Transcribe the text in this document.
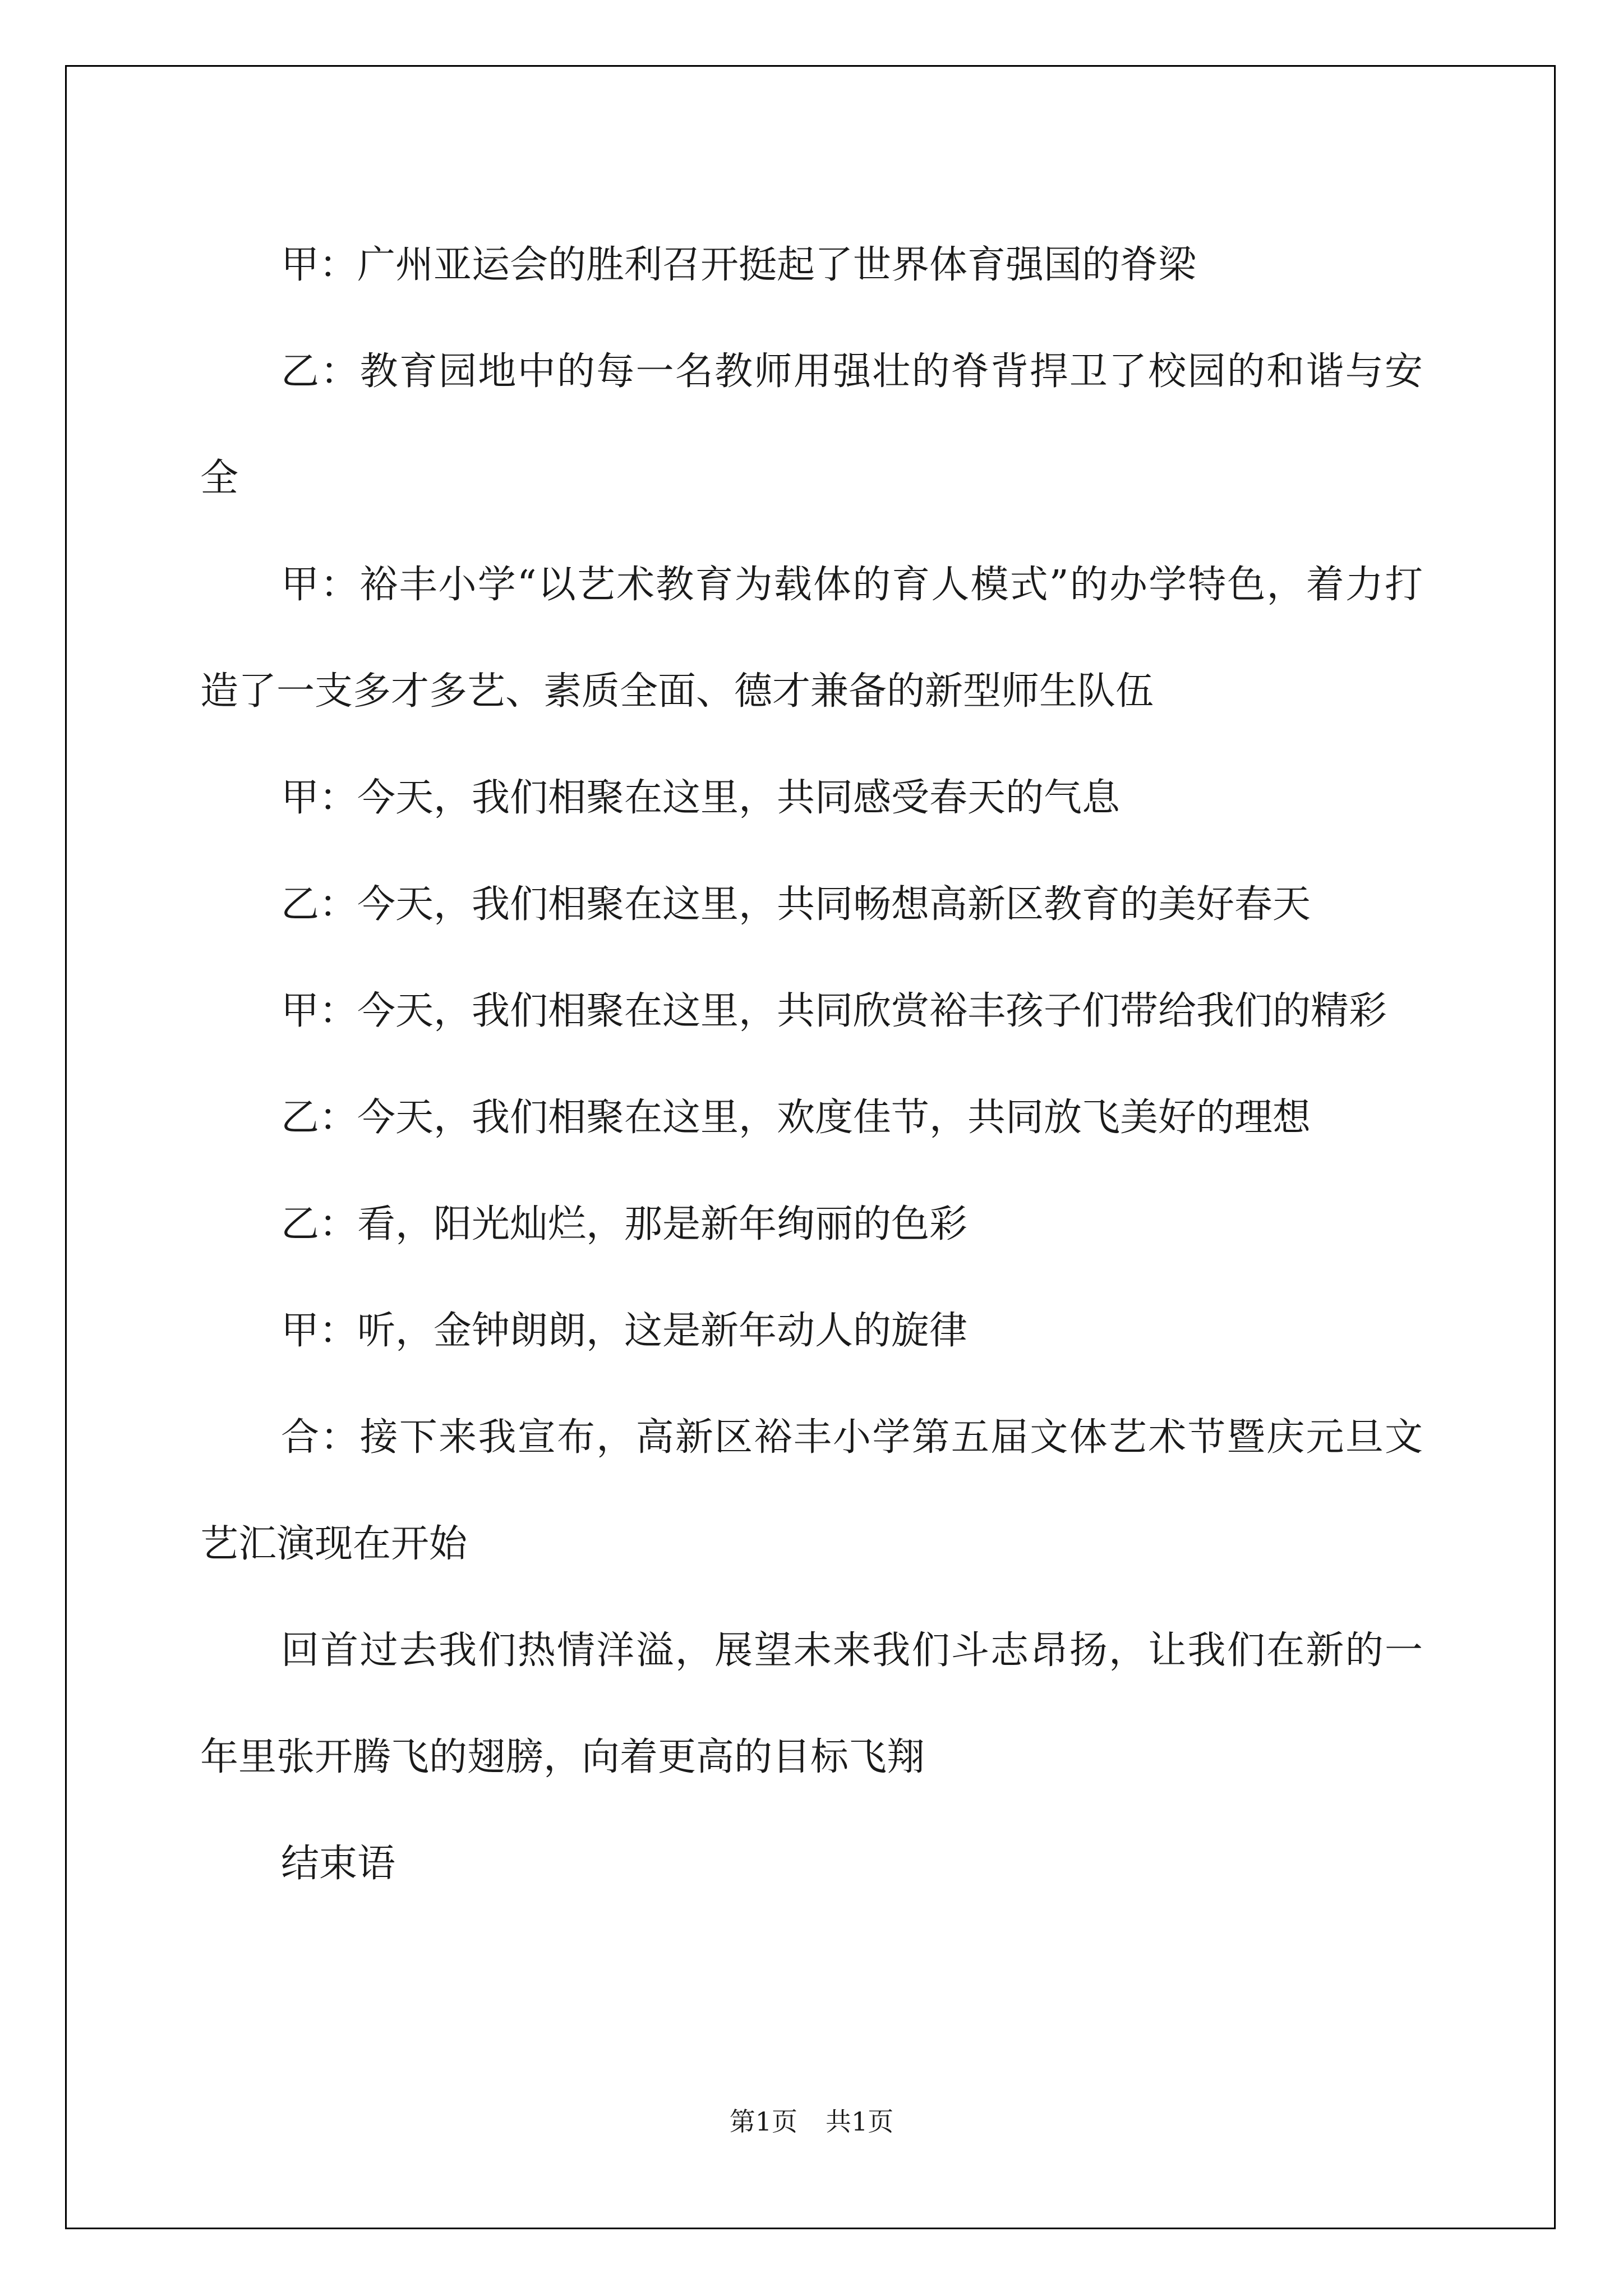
甲：广州亚运会的胜利召开挺起了世界体育强国的脊梁

乙：教育园地中的每一名教师用强壮的脊背捍卫了校园的和谐与安全

甲：裕丰小学“以艺术教育为载体的育人模式”的办学特色，着力打造了一支多才多艺、素质全面、德才兼备的新型师生队伍

甲：今天，我们相聚在这里，共同感受春天的气息

乙：今天，我们相聚在这里，共同畅想高新区教育的美好春天

甲：今天，我们相聚在这里，共同欣赏裕丰孩子们带给我们的精彩

乙：今天，我们相聚在这里，欢度佳节，共同放飞美好的理想

乙：看，阳光灿烂，那是新年绚丽的色彩

甲：听，金钟朗朗，这是新年动人的旋律

合：接下来我宣布，高新区裕丰小学第五届文体艺术节暨庆元旦文艺汇演现在开始

回首过去我们热情洋溢，展望未来我们斗志昂扬，让我们在新的一年里张开腾飞的翅膀，向着更高的目标飞翔

结束语

第1页 共1页
